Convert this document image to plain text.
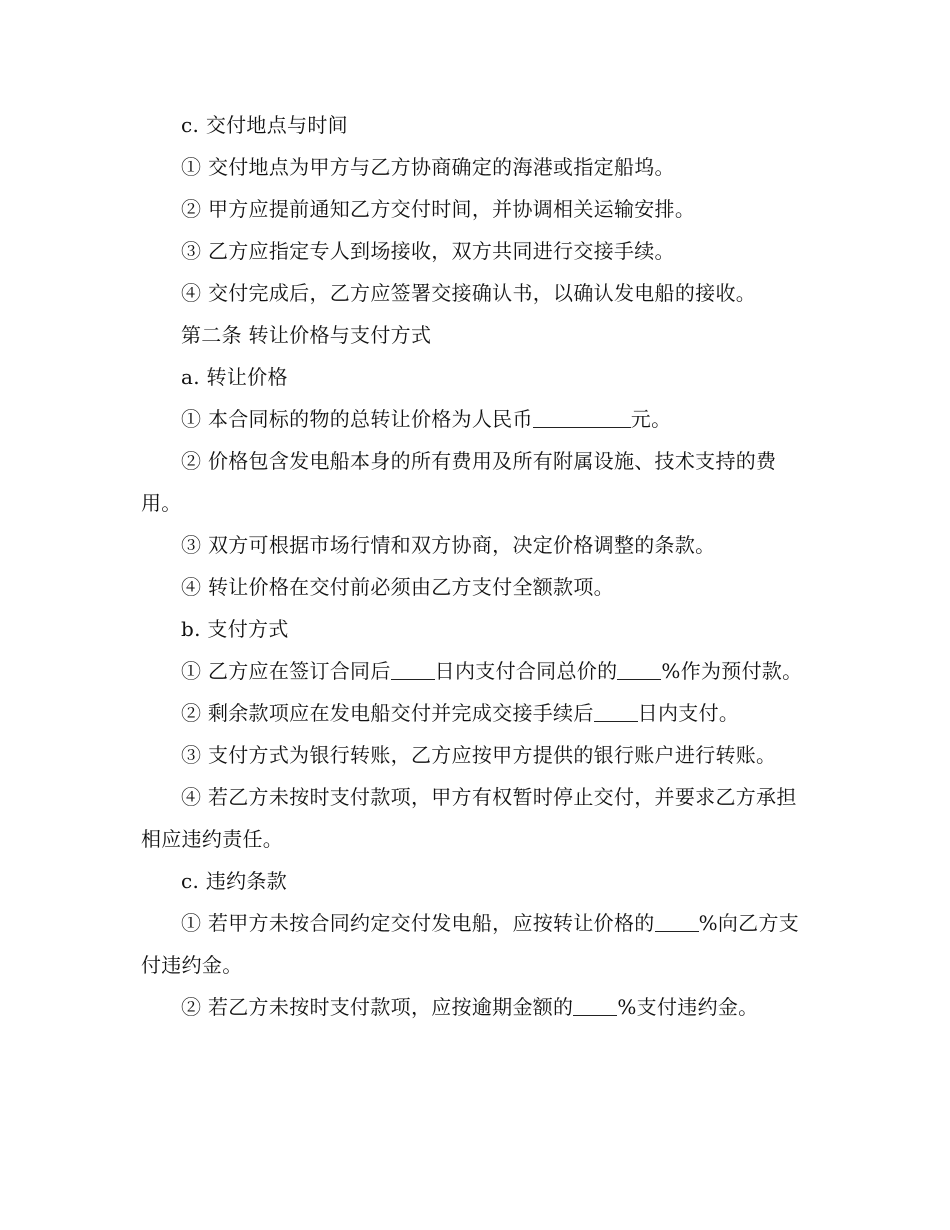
c. 交付地点与时间

① 交付地点为甲方与乙方协商确定的海港或指定船坞。

② 甲方应提前通知乙方交付时间，并协调相关运输安排。

③ 乙方应指定专人到场接收，双方共同进行交接手续。

④ 交付完成后，乙方应签署交接确认书，以确认发电船的接收。

第二条 转让价格与支付方式

a. 转让价格

① 本合同标的物的总转让价格为人民币	元。

② 价格包含发电船本身的所有费用及所有附属设施、技术支持的费用。

③ 双方可根据市场行情和双方协商，决定价格调整的条款。

④ 转让价格在交付前必须由乙方支付全额款项。

b. 支付方式

① 乙方应在签订合同后 日内支付合同总价的 %作为预付款。

② 剩余款项应在发电船交付并完成交接手续后 日内支付。

③ 支付方式为银行转账，乙方应按甲方提供的银行账户进行转账。

④ 若乙方未按时支付款项，甲方有权暂时停止交付，并要求乙方承担相应违约责任。

c. 违约条款

① 若甲方未按合同约定交付发电船，应按转让价格的 %向乙方支付违约金。

② 若乙方未按时支付款项，应按逾期金额的 %支付违约金。
